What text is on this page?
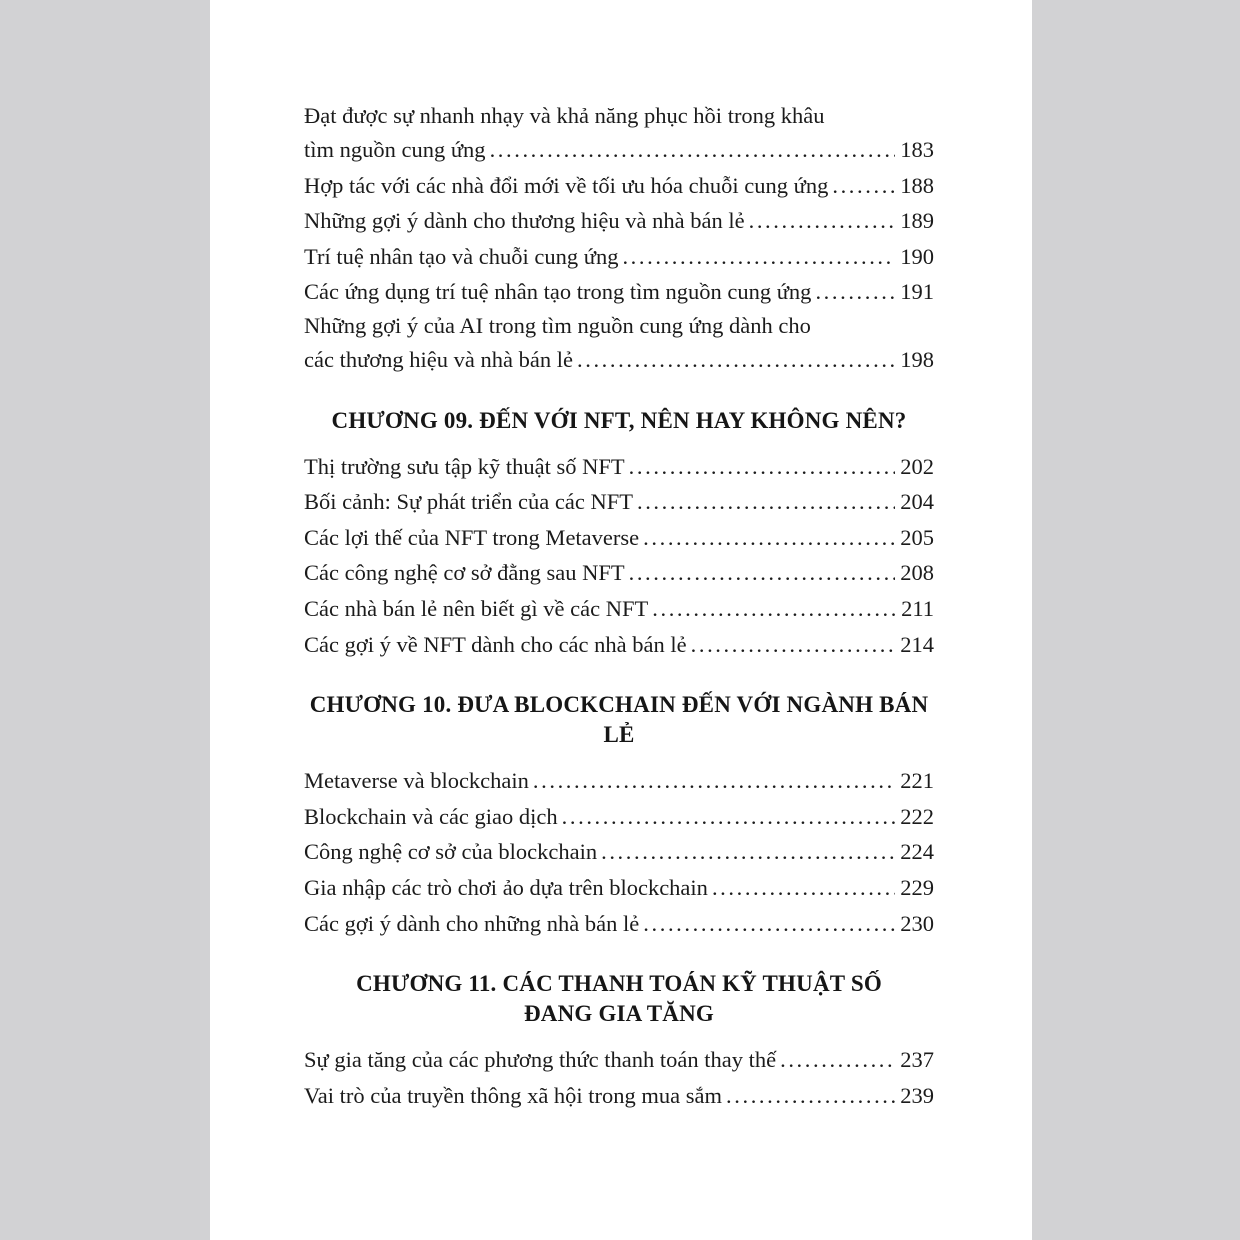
Đạt được sự nhanh nhạy và khả năng phục hồi trong khâu
tìm nguồn cung ứng .....	183
Hợp tác với các nhà đổi mới về tối ưu hóa chuỗi cung ứng .....	188
Những gợi ý dành cho thương hiệu và nhà bán lẻ .....	189
Trí tuệ nhân tạo và chuỗi cung ứng .....	190
Các ứng dụng trí tuệ nhân tạo trong tìm nguồn cung ứng .....	191
Những gợi ý của AI trong tìm nguồn cung ứng dành cho
các thương hiệu và nhà bán lẻ .....	198
CHƯƠNG 09. ĐẾN VỚI NFT, NÊN HAY KHÔNG NÊN?
Thị trường sưu tập kỹ thuật số NFT .....	202
Bối cảnh: Sự phát triển của các NFT .....	204
Các lợi thế của NFT trong Metaverse .....	205
Các công nghệ cơ sở đằng sau NFT .....	208
Các nhà bán lẻ nên biết gì về các NFT .....	211
Các gợi ý về NFT dành cho các nhà bán lẻ .....	214
CHƯƠNG 10. ĐƯA BLOCKCHAIN ĐẾN VỚI NGÀNH BÁN LẺ
Metaverse và blockchain .....	221
Blockchain và các giao dịch .....	222
Công nghệ cơ sở của blockchain .....	224
Gia nhập các trò chơi ảo dựa trên blockchain .....	229
Các gợi ý dành cho những nhà bán lẻ .....	230
CHƯƠNG 11. CÁC THANH TOÁN KỸ THUẬT SỐ
ĐANG GIA TĂNG
Sự gia tăng của các phương thức thanh toán thay thế .....	237
Vai trò của truyền thông xã hội trong mua sắm .....	239
